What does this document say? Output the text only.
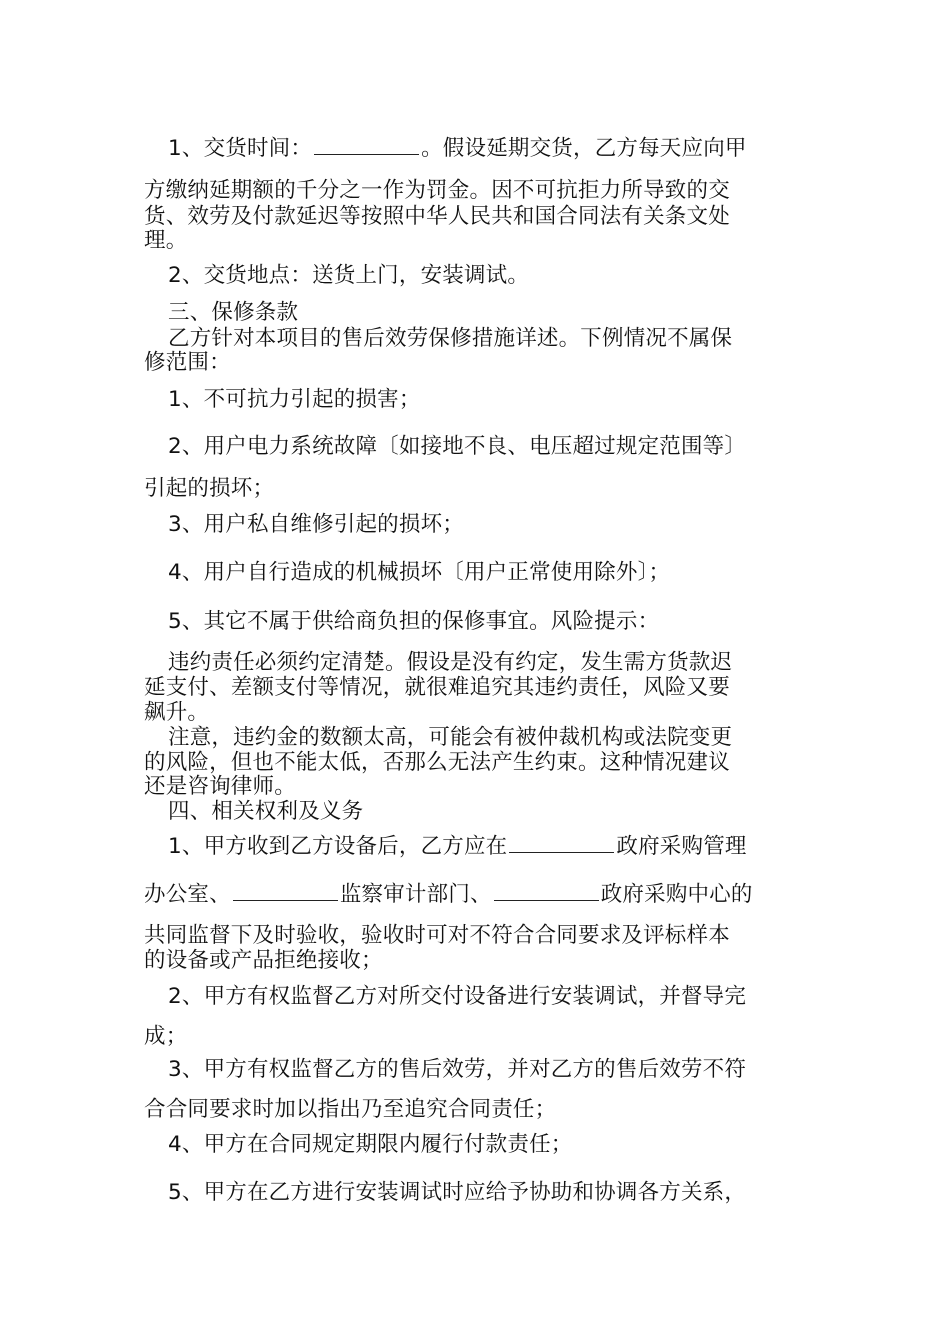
1、交货时间：	。假设延期交货，乙方每天应向甲
方缴纳延期额的千分之一作为罚金。因不可抗拒力所导致的交
货、效劳及付款延迟等按照中华人民共和国合同法有关条文处
理。
2、交货地点：送货上门，安装调试。
三、保修条款
乙方针对本项目的售后效劳保修措施详述。下例情况不属保
修范围：
1、不可抗力引起的损害；
2、用户电力系统故障〔如接地不良、电压超过规定范围等〕
引起的损坏；
3、用户私自维修引起的损坏；
4、用户自行造成的机械损坏〔用户正常使用除外〕；
5、其它不属于供给商负担的保修事宜。风险提示：
违约责任必须约定清楚。假设是没有约定，发生需方货款迟
延支付、差额支付等情况，就很难追究其违约责任，风险又要
飙升。
注意，违约金的数额太高，可能会有被仲裁机构或法院变更
的风险，但也不能太低，否那么无法产生约束。这种情况建议
还是咨询律师。
四、相关权利及义务
1、甲方收到乙方设备后，乙方应在	政府采购管理
办公室、	监察审计部门、	政府采购中心的
共同监督下及时验收，验收时可对不符合合同要求及评标样本
的设备或产品拒绝接收；
2、甲方有权监督乙方对所交付设备进行安装调试，并督导完
成；
3、甲方有权监督乙方的售后效劳，并对乙方的售后效劳不符
合合同要求时加以指出乃至追究合同责任；
4、甲方在合同规定期限内履行付款责任；
5、甲方在乙方进行安装调试时应给予协助和协调各方关系，
